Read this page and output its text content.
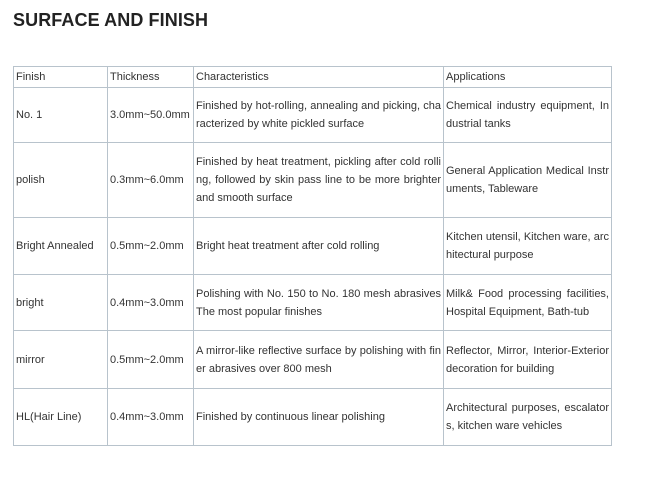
SURFACE AND FINISH
Finish	Thickness	Characteristics	Applications
No. 1	3.0mm~50.0mm	Finished by hot-rolling, annealing and picking, characterized by white pickled surface	Chemical industry equipment, Industrial tanks
polish	0.3mm~6.0mm	Finished by heat treatment, pickling after cold rolling, followed by skin pass line to be more brighter and smooth surface	General Application Medical Instruments, Tableware
Bright Annealed	0.5mm~2.0mm	Bright heat treatment after cold rolling	Kitchen utensil, Kitchen ware, architectural purpose
bright	0.4mm~3.0mm	Polishing with No. 150 to No. 180 mesh abrasives The most popular finishes	Milk& Food processing facilities, Hospital Equipment, Bath-tub
mirror	0.5mm~2.0mm	A mirror-like reflective surface by polishing with finer abrasives over 800 mesh	Reflector, Mirror, Interior-Exterior decoration for building
HL(Hair Line)	0.4mm~3.0mm	Finished by continuous linear polishing	Architectural purposes, escalators, kitchen ware vehicles
